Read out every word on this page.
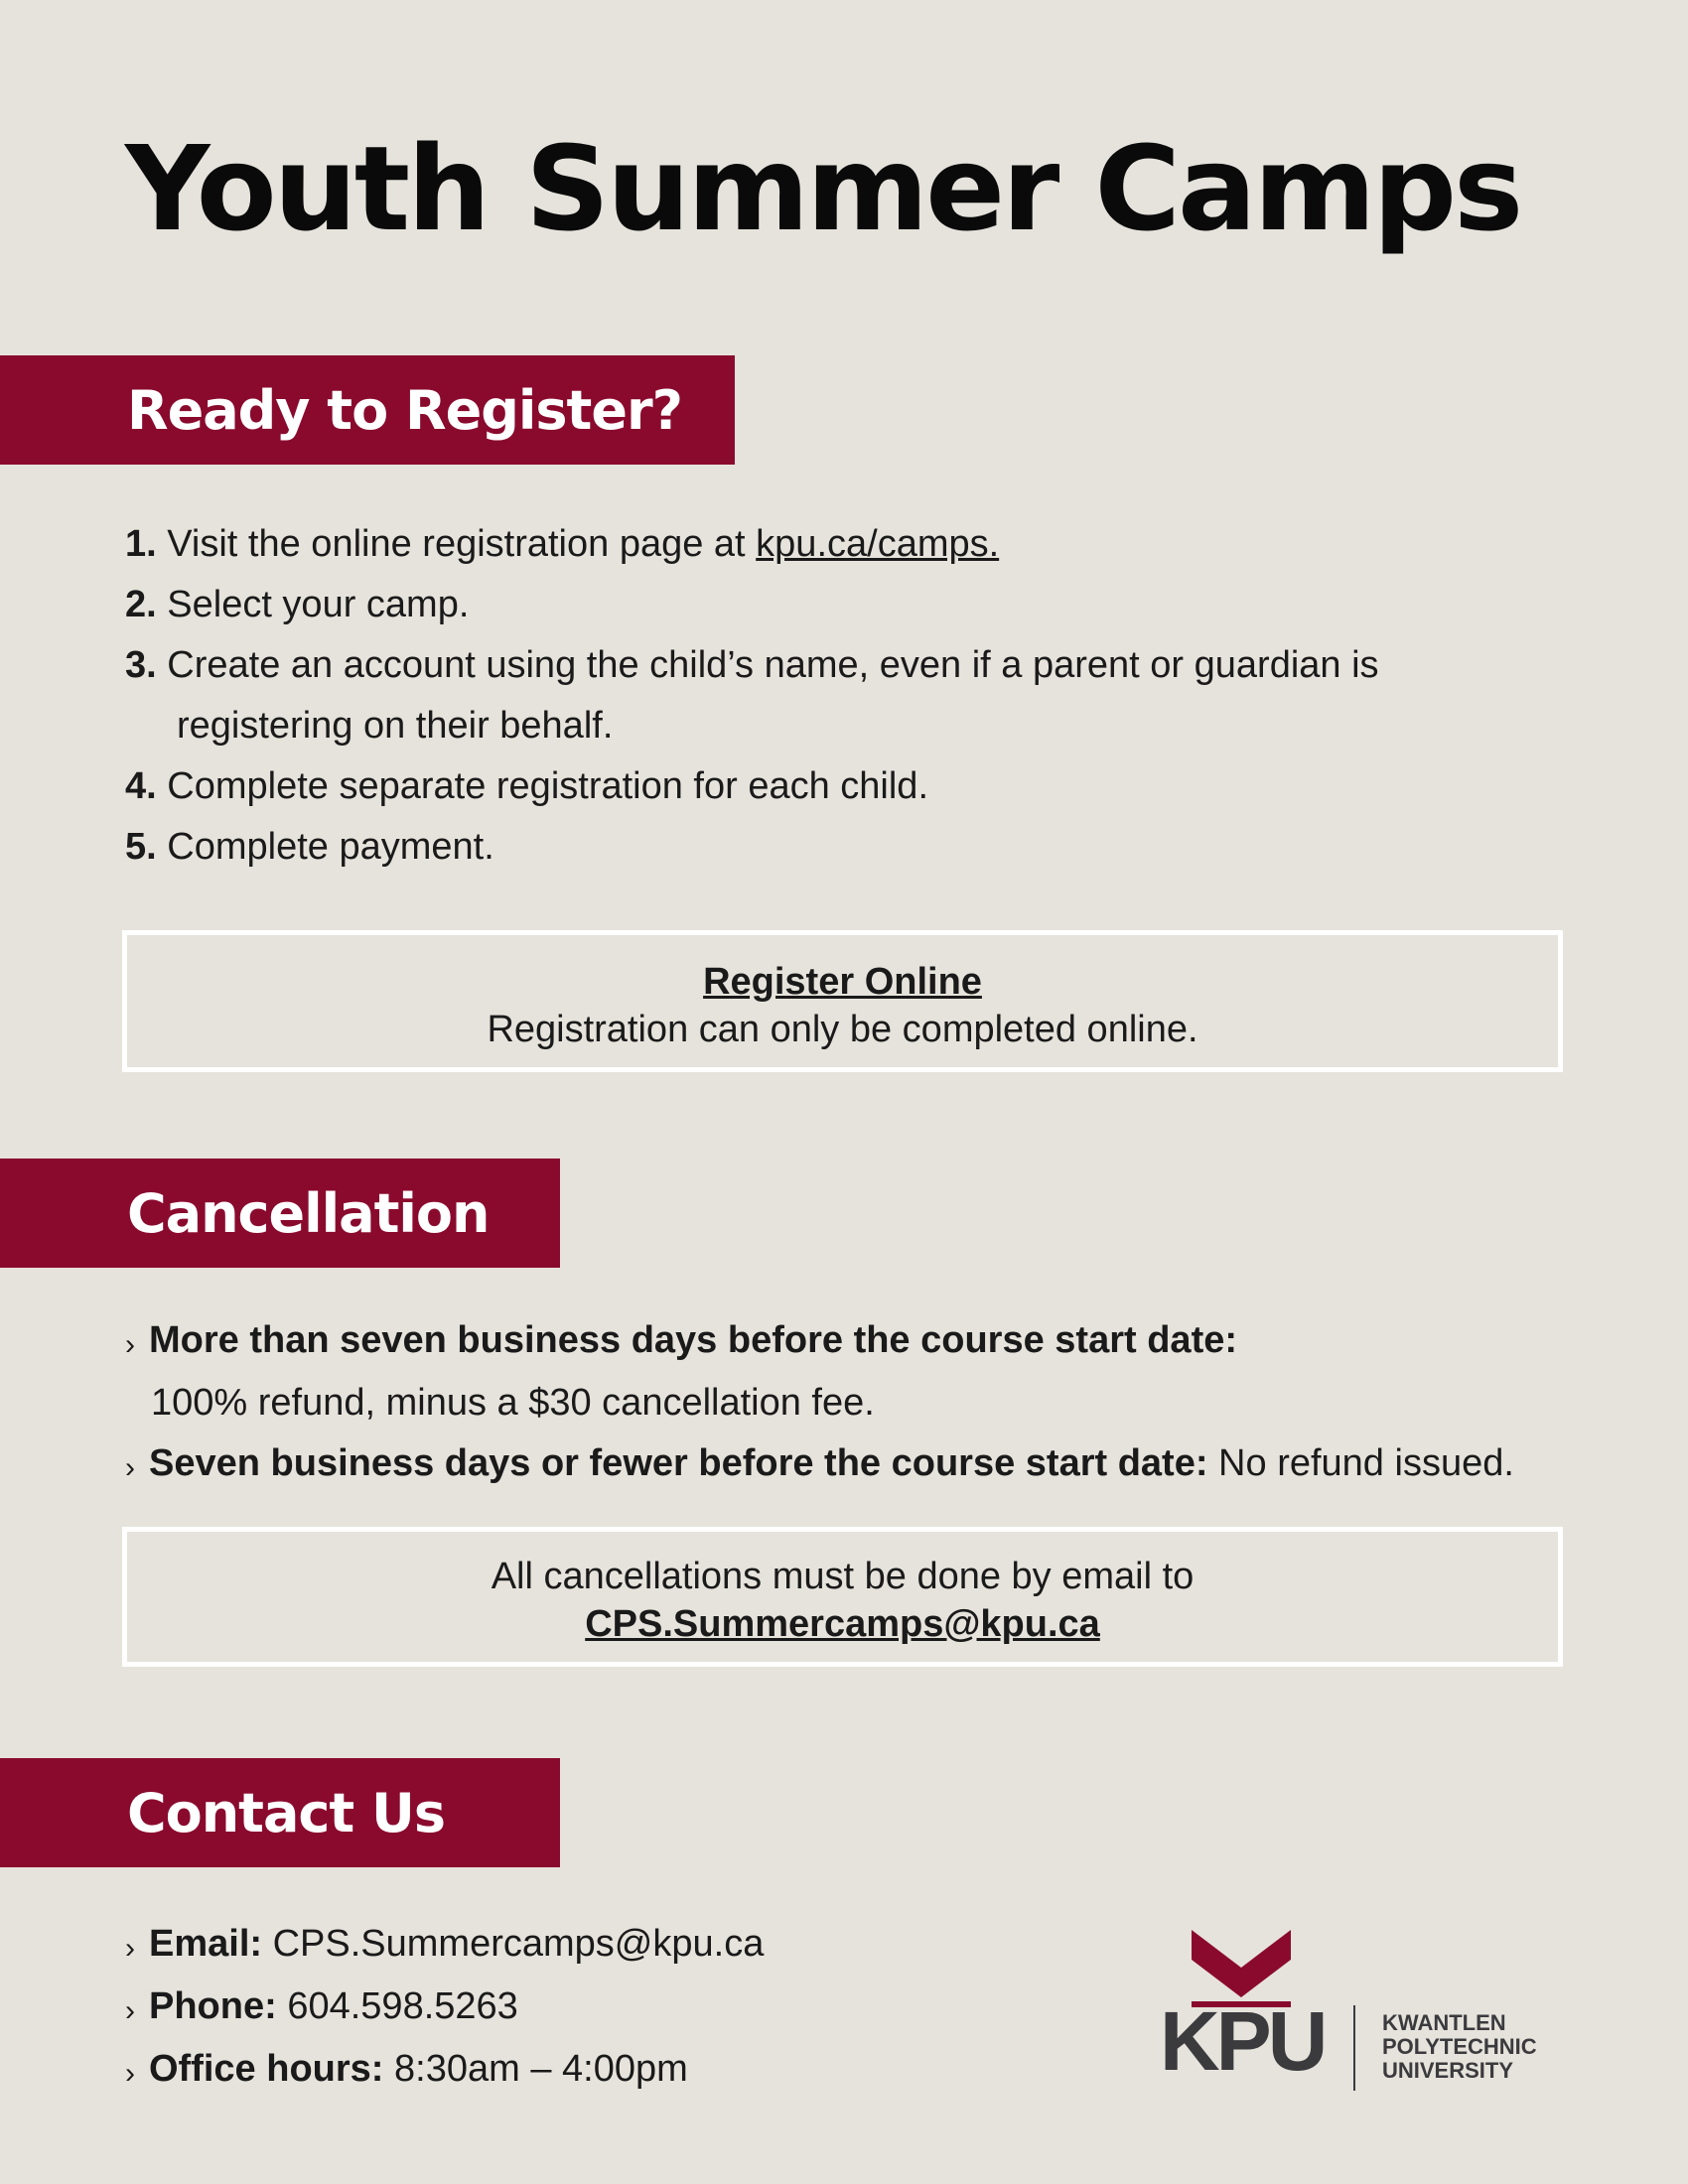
Youth Summer Camps
Ready to Register?
1. Visit the online registration page at kpu.ca/camps.
2. Select your camp.
3. Create an account using the child’s name, even if a parent or guardian is
registering on their behalf.
4. Complete separate registration for each child.
5. Complete payment.
Register Online
Registration can only be completed online.
Cancellation
› More than seven business days before the course start date:
100% refund, minus a $30 cancellation fee.
› Seven business days or fewer before the course start date: No refund issued.
All cancellations must be done by email to
CPS.Summercamps@kpu.ca
Contact Us
› Email: CPS.Summercamps@kpu.ca
› Phone: 604.598.5263
› Office hours: 8:30am – 4:00pm	KPU	KWANTLEN
POLYTECHNIC
UNIVERSITY
